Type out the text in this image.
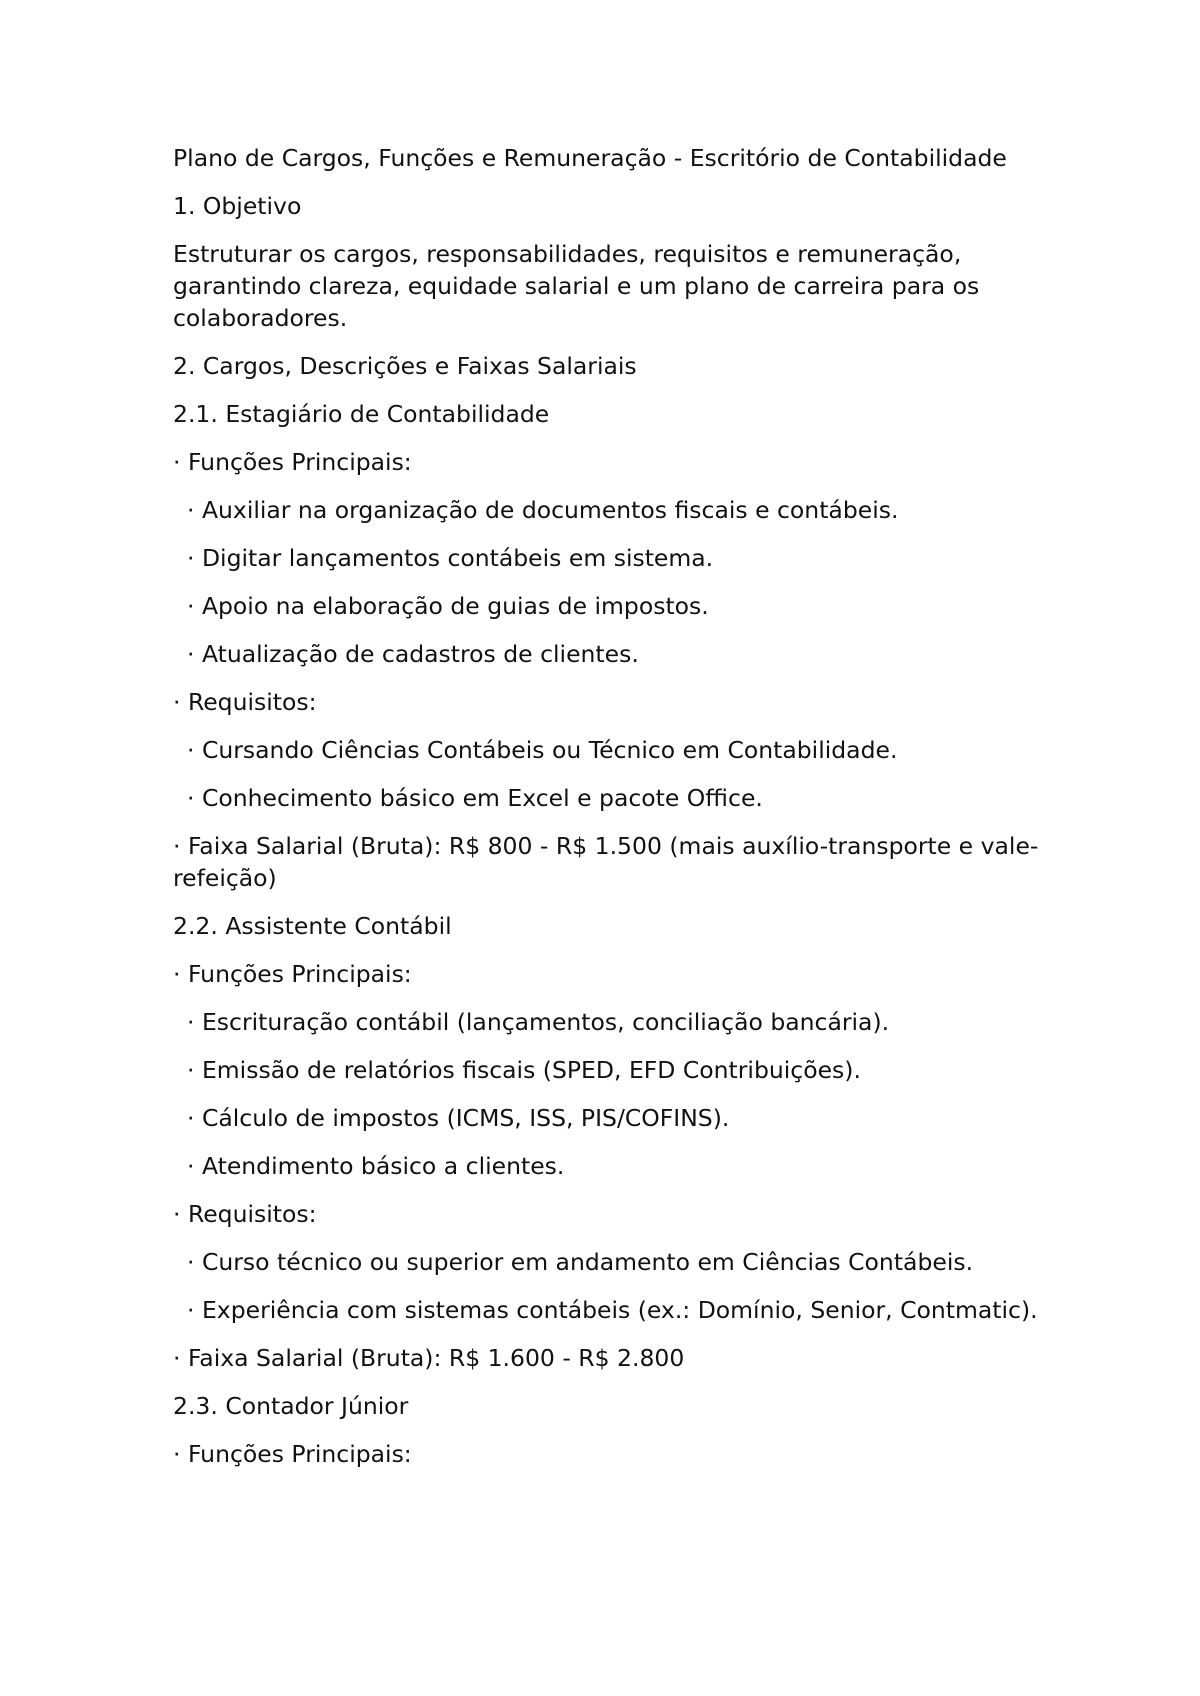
Plano de Cargos, Funções e Remuneração - Escritório de Contabilidade

1. Objetivo

Estruturar os cargos, responsabilidades, requisitos e remuneração, garantindo clareza, equidade salarial e um plano de carreira para os colaboradores.

2. Cargos, Descrições e Faixas Salariais

2.1. Estagiário de Contabilidade

· Funções Principais:

· Auxiliar na organização de documentos fiscais e contábeis.

· Digitar lançamentos contábeis em sistema.

· Apoio na elaboração de guias de impostos.

· Atualização de cadastros de clientes.

· Requisitos:

· Cursando Ciências Contábeis ou Técnico em Contabilidade.

· Conhecimento básico em Excel e pacote Office.

· Faixa Salarial (Bruta): R$ 800 - R$ 1.500 (mais auxílio-transporte e vale-refeição)

2.2. Assistente Contábil

· Funções Principais:

· Escrituração contábil (lançamentos, conciliação bancária).

· Emissão de relatórios fiscais (SPED, EFD Contribuições).

· Cálculo de impostos (ICMS, ISS, PIS/COFINS).

· Atendimento básico a clientes.

· Requisitos:

· Curso técnico ou superior em andamento em Ciências Contábeis.

· Experiência com sistemas contábeis (ex.: Domínio, Senior, Contmatic).

· Faixa Salarial (Bruta): R$ 1.600 - R$ 2.800

2.3. Contador Júnior

· Funções Principais:
